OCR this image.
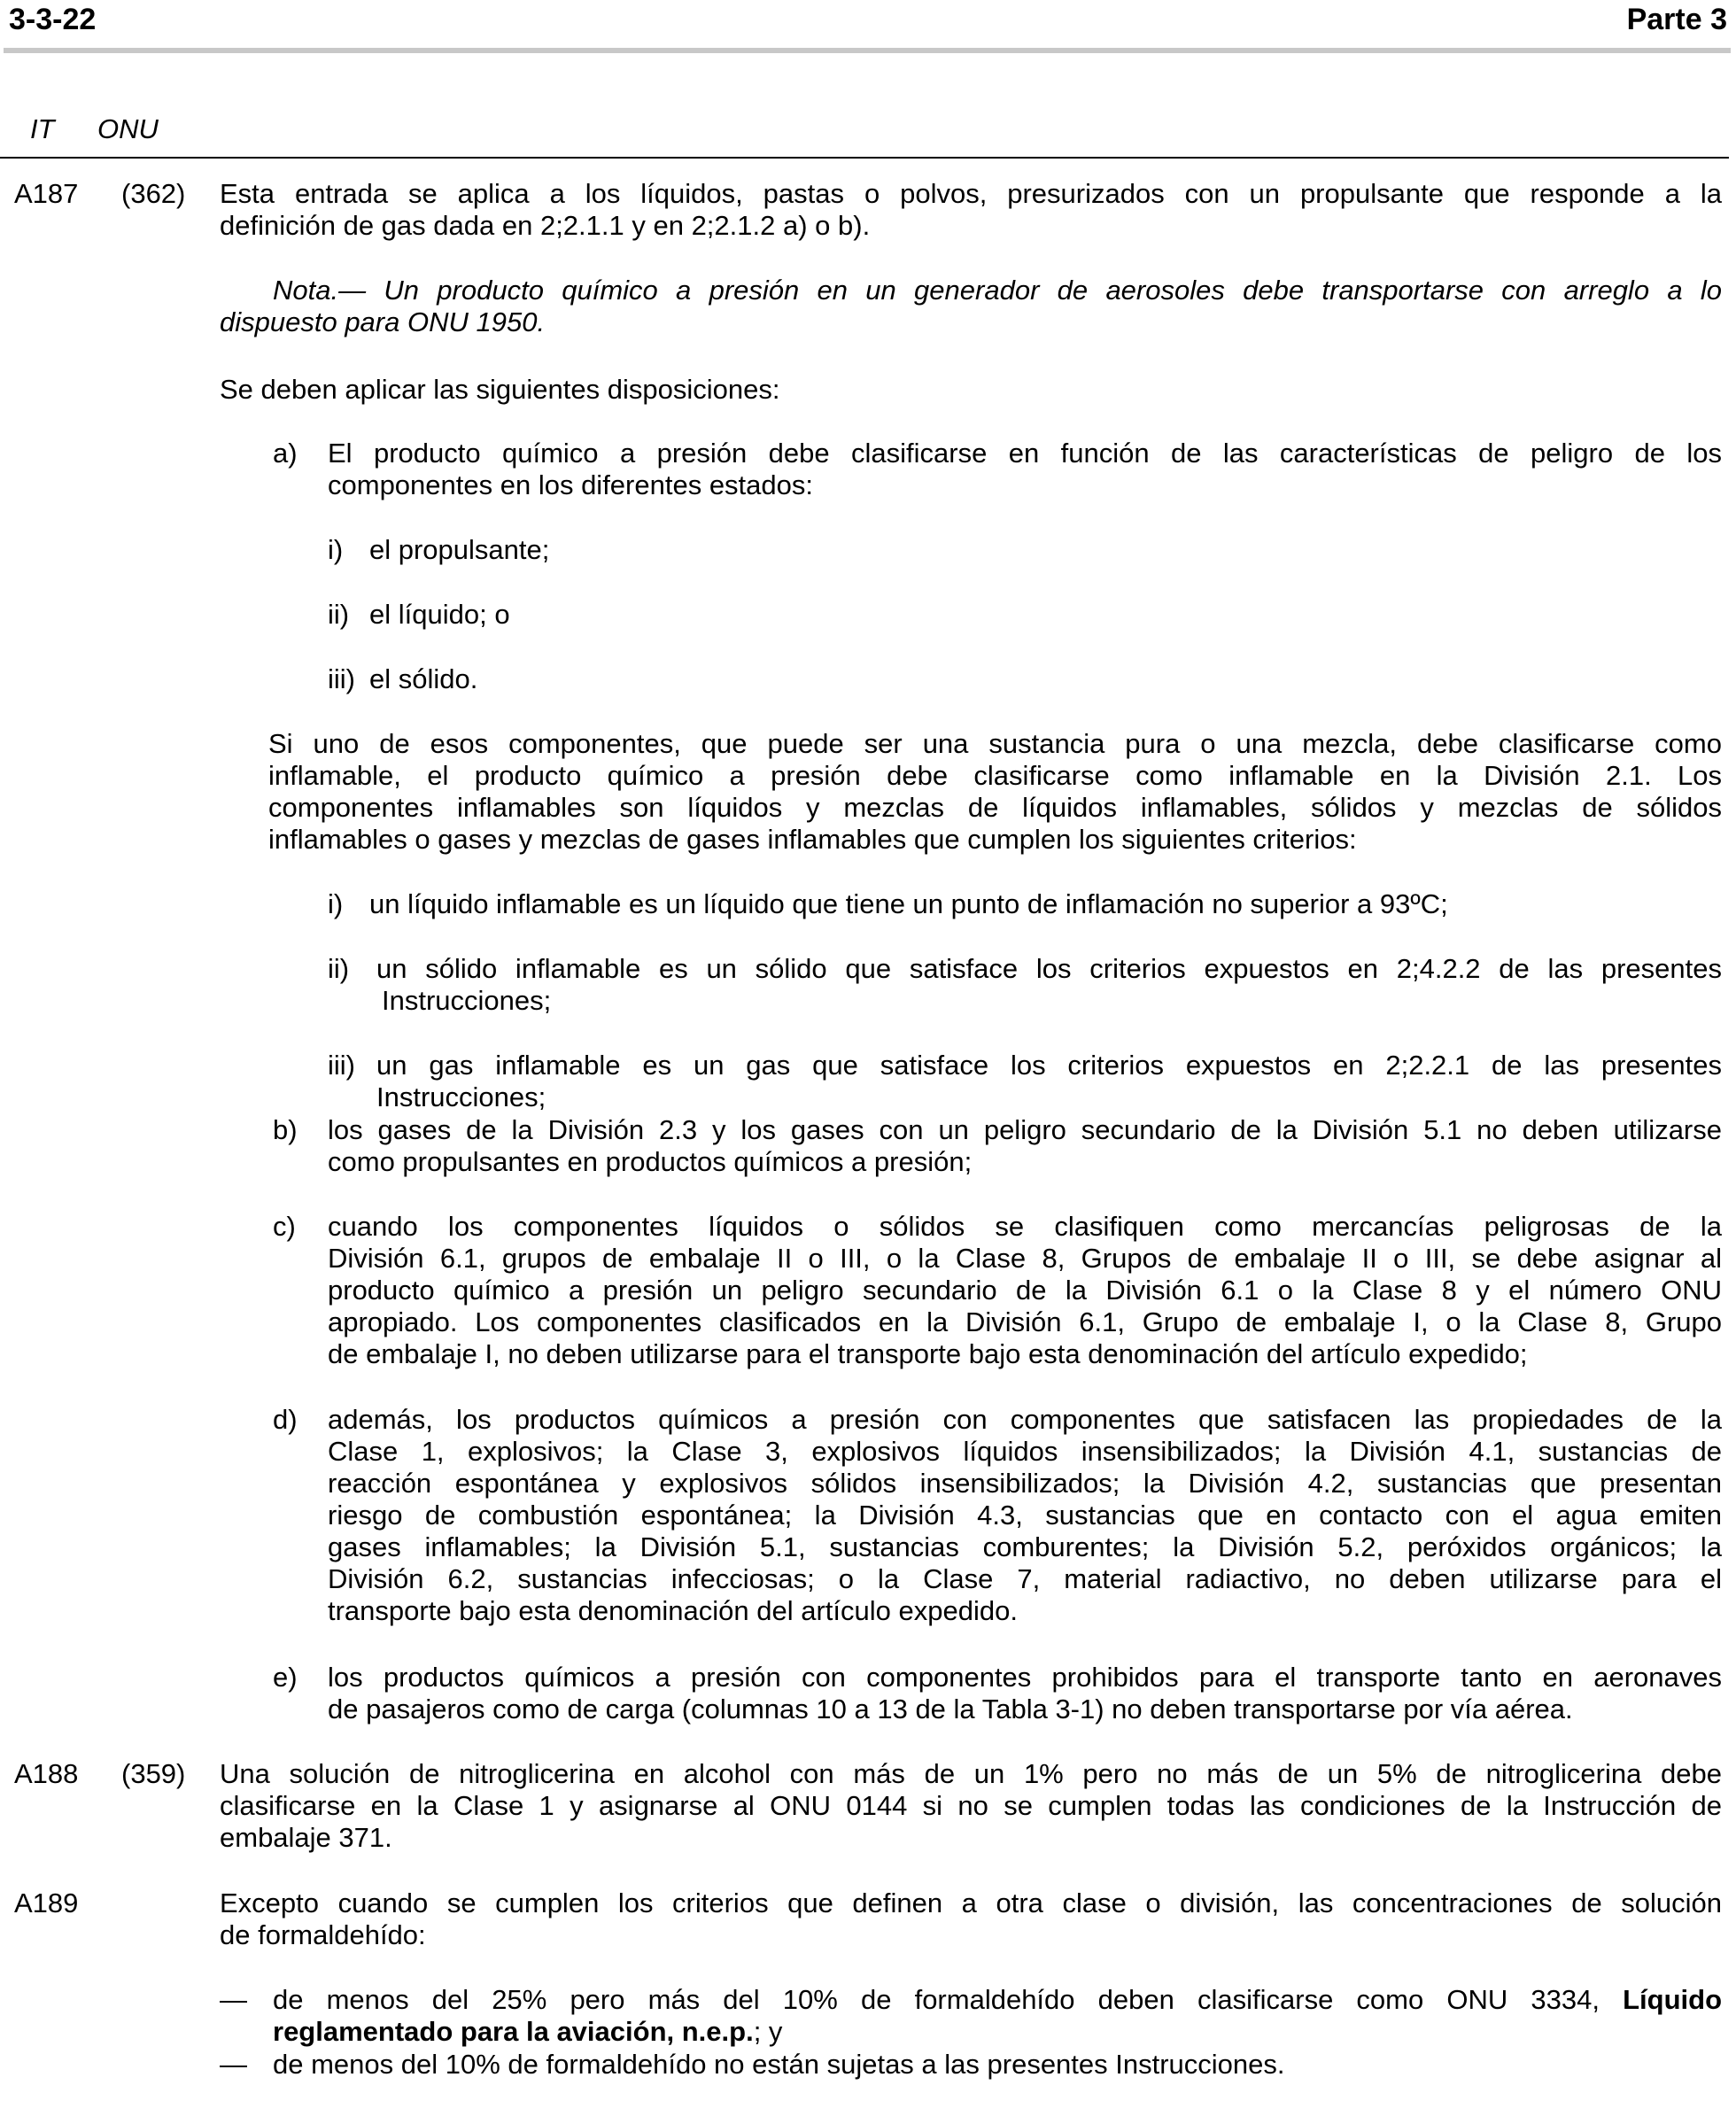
3-3-22	Parte 3
IT ONU
A187 (362) Esta entrada se aplica a los líquidos, pastas o polvos, presurizados con un propulsante que responde a la
definición de gas dada en 2;2.1.1 y en 2;2.1.2 a) o b).
Nota.— Un producto químico a presión en un generador de aerosoles debe transportarse con arreglo a lo
dispuesto para ONU 1950.
Se deben aplicar las siguientes disposiciones:
a) El producto químico a presión debe clasificarse en función de las características de peligro de los
componentes en los diferentes estados:
i) el propulsante;
ii) el líquido; o
iii) el sólido.
Si uno de esos componentes, que puede ser una sustancia pura o una mezcla, debe clasificarse como
inflamable, el producto químico a presión debe clasificarse como inflamable en la División 2.1. Los
componentes inflamables son líquidos y mezclas de líquidos inflamables, sólidos y mezclas de sólidos
inflamables o gases y mezclas de gases inflamables que cumplen los siguientes criterios:
i) un líquido inflamable es un líquido que tiene un punto de inflamación no superior a 93ºC;
ii) un sólido inflamable es un sólido que satisface los criterios expuestos en 2;4.2.2 de las presentes
Instrucciones;
iii) un gas inflamable es un gas que satisface los criterios expuestos en 2;2.2.1 de las presentes
Instrucciones;
b) los gases de la División 2.3 y los gases con un peligro secundario de la División 5.1 no deben utilizarse
como propulsantes en productos químicos a presión;
c) cuando los componentes líquidos o sólidos se clasifiquen como mercancías peligrosas de la
División 6.1, grupos de embalaje II o III, o la Clase 8, Grupos de embalaje II o III, se debe asignar al
producto químico a presión un peligro secundario de la División 6.1 o la Clase 8 y el número ONU
apropiado. Los componentes clasificados en la División 6.1, Grupo de embalaje I, o la Clase 8, Grupo
de embalaje I, no deben utilizarse para el transporte bajo esta denominación del artículo expedido;
d) además, los productos químicos a presión con componentes que satisfacen las propiedades de la
Clase 1, explosivos; la Clase 3, explosivos líquidos insensibilizados; la División 4.1, sustancias de
reacción espontánea y explosivos sólidos insensibilizados; la División 4.2, sustancias que presentan
riesgo de combustión espontánea; la División 4.3, sustancias que en contacto con el agua emiten
gases inflamables; la División 5.1, sustancias comburentes; la División 5.2, peróxidos orgánicos; la
División 6.2, sustancias infecciosas; o la Clase 7, material radiactivo, no deben utilizarse para el
transporte bajo esta denominación del artículo expedido.
e) los productos químicos a presión con componentes prohibidos para el transporte tanto en aeronaves
de pasajeros como de carga (columnas 10 a 13 de la Tabla 3-1) no deben transportarse por vía aérea.
A188 (359) Una solución de nitroglicerina en alcohol con más de un 1% pero no más de un 5% de nitroglicerina debe
clasificarse en la Clase 1 y asignarse al ONU 0144 si no se cumplen todas las condiciones de la Instrucción de
embalaje 371.
A189	Excepto cuando se cumplen los criterios que definen a otra clase o división, las concentraciones de solución
de formaldehído:
— de menos del 25% pero más del 10% de formaldehído deben clasificarse como ONU 3334, Líquido
reglamentado para la aviación, n.e.p.; y
— de menos del 10% de formaldehído no están sujetas a las presentes Instrucciones.
